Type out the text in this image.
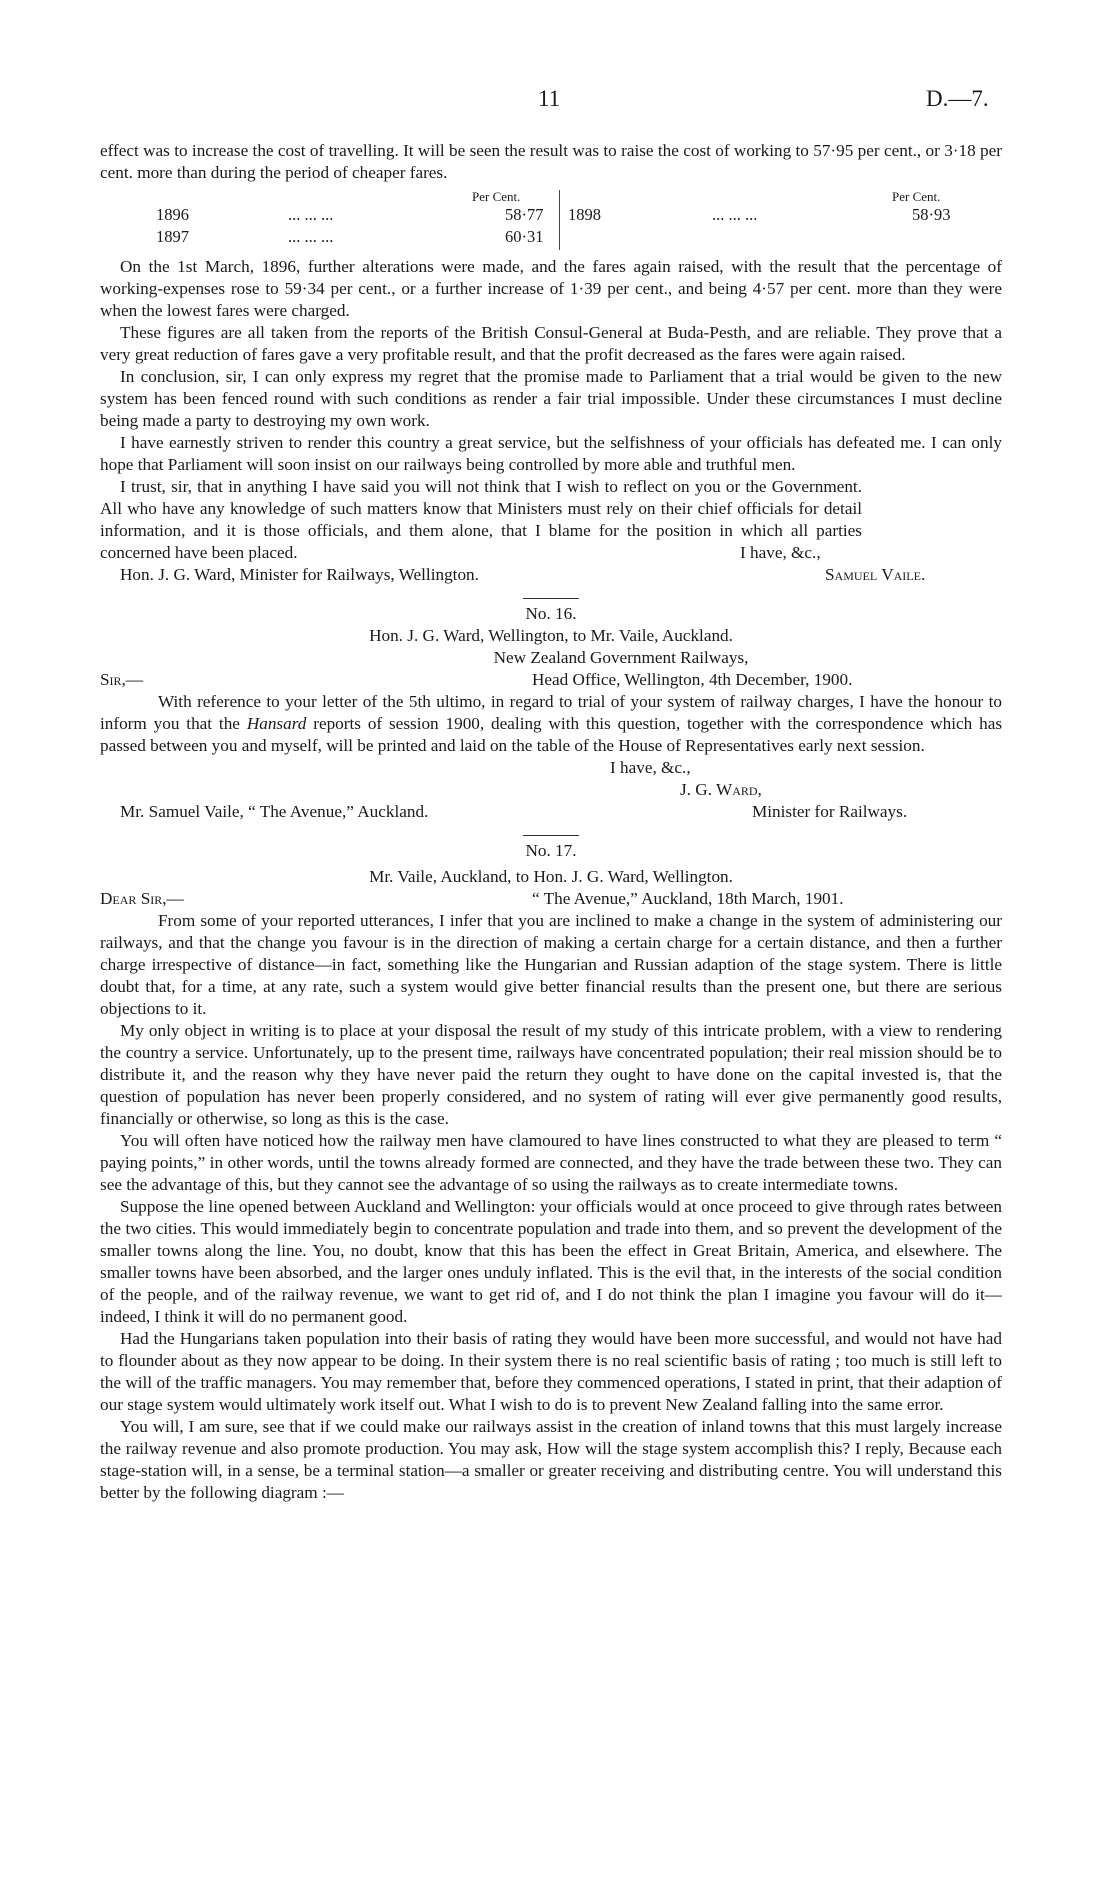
11	D.—7.

effect was to increase the cost of travelling. It will be seen the result was to raise the cost of working to 57·95 per cent., or 3·18 per cent. more than during the period of cheaper fares.

Per Cent.	Per Cent.
1896	... ... ...	58·77
1897	... ... ...	60·31
1898	... ... ...	58·93

On the 1st March, 1896, further alterations were made, and the fares again raised, with the result that the percentage of working-expenses rose to 59·34 per cent., or a further increase of 1·39 per cent., and being 4·57 per cent. more than they were when the lowest fares were charged.

These figures are all taken from the reports of the British Consul-General at Buda-Pesth, and are reliable. They prove that a very great reduction of fares gave a very profitable result, and that the profit decreased as the fares were again raised.

In conclusion, sir, I can only express my regret that the promise made to Parliament that a trial would be given to the new system has been fenced round with such conditions as render a fair trial impossible. Under these circumstances I must decline being made a party to destroying my own work.

I have earnestly striven to render this country a great service, but the selfishness of your officials has defeated me. I can only hope that Parliament will soon insist on our railways being controlled by more able and truthful men.

I trust, sir, that in anything I have said you will not think that I wish to reflect on you or the Government. All who have any knowledge of such matters know that Ministers must rely on their chief officials for detail information, and it is those officials, and them alone, that I blame for the position in which all parties concerned have been placed.	I have, &c.,
Hon. J. G. Ward, Minister for Railways, Wellington.	Samuel Vaile.
No. 16.
Hon. J. G. Ward, Wellington, to Mr. Vaile, Auckland.
New Zealand Government Railways,
Sir,—	Head Office, Wellington, 4th December, 1900.

With reference to your letter of the 5th ultimo, in regard to trial of your system of railway charges, I have the honour to inform you that the Hansard reports of session 1900, dealing with this question, together with the correspondence which has passed between you and myself, will be printed and laid on the table of the House of Representatives early next session.

I have, &c.,
J. G. Ward,
Mr. Samuel Vaile, “ The Avenue,” Auckland.	Minister for Railways.
No. 17.
Mr. Vaile, Auckland, to Hon. J. G. Ward, Wellington.
Dear Sir,—	“ The Avenue,” Auckland, 18th March, 1901.

From some of your reported utterances, I infer that you are inclined to make a change in the system of administering our railways, and that the change you favour is in the direction of making a certain charge for a certain distance, and then a further charge irrespective of distance—in fact, something like the Hungarian and Russian adaption of the stage system. There is little doubt that, for a time, at any rate, such a system would give better financial results than the present one, but there are serious objections to it.

My only object in writing is to place at your disposal the result of my study of this intricate problem, with a view to rendering the country a service. Unfortunately, up to the present time, railways have concentrated population; their real mission should be to distribute it, and the reason why they have never paid the return they ought to have done on the capital invested is, that the question of population has never been properly considered, and no system of rating will ever give permanently good results, financially or otherwise, so long as this is the case.

You will often have noticed how the railway men have clamoured to have lines constructed to what they are pleased to term “ paying points,” in other words, until the towns already formed are connected, and they have the trade between these two. They can see the advantage of this, but they cannot see the advantage of so using the railways as to create intermediate towns.

Suppose the line opened between Auckland and Wellington: your officials would at once proceed to give through rates between the two cities. This would immediately begin to concentrate population and trade into them, and so prevent the development of the smaller towns along the line. You, no doubt, know that this has been the effect in Great Britain, America, and elsewhere. The smaller towns have been absorbed, and the larger ones unduly inflated. This is the evil that, in the interests of the social condition of the people, and of the railway revenue, we want to get rid of, and I do not think the plan I imagine you favour will do it—indeed, I think it will do no permanent good.

Had the Hungarians taken population into their basis of rating they would have been more successful, and would not have had to flounder about as they now appear to be doing. In their system there is no real scientific basis of rating ; too much is still left to the will of the traffic managers. You may remember that, before they commenced operations, I stated in print, that their adaption of our stage system would ultimately work itself out. What I wish to do is to prevent New Zealand falling into the same error.

You will, I am sure, see that if we could make our railways assist in the creation of inland towns that this must largely increase the railway revenue and also promote production. You may ask, How will the stage system accomplish this? I reply, Because each stage-station will, in a sense, be a terminal station—a smaller or greater receiving and distributing centre. You will understand this better by the following diagram :—
